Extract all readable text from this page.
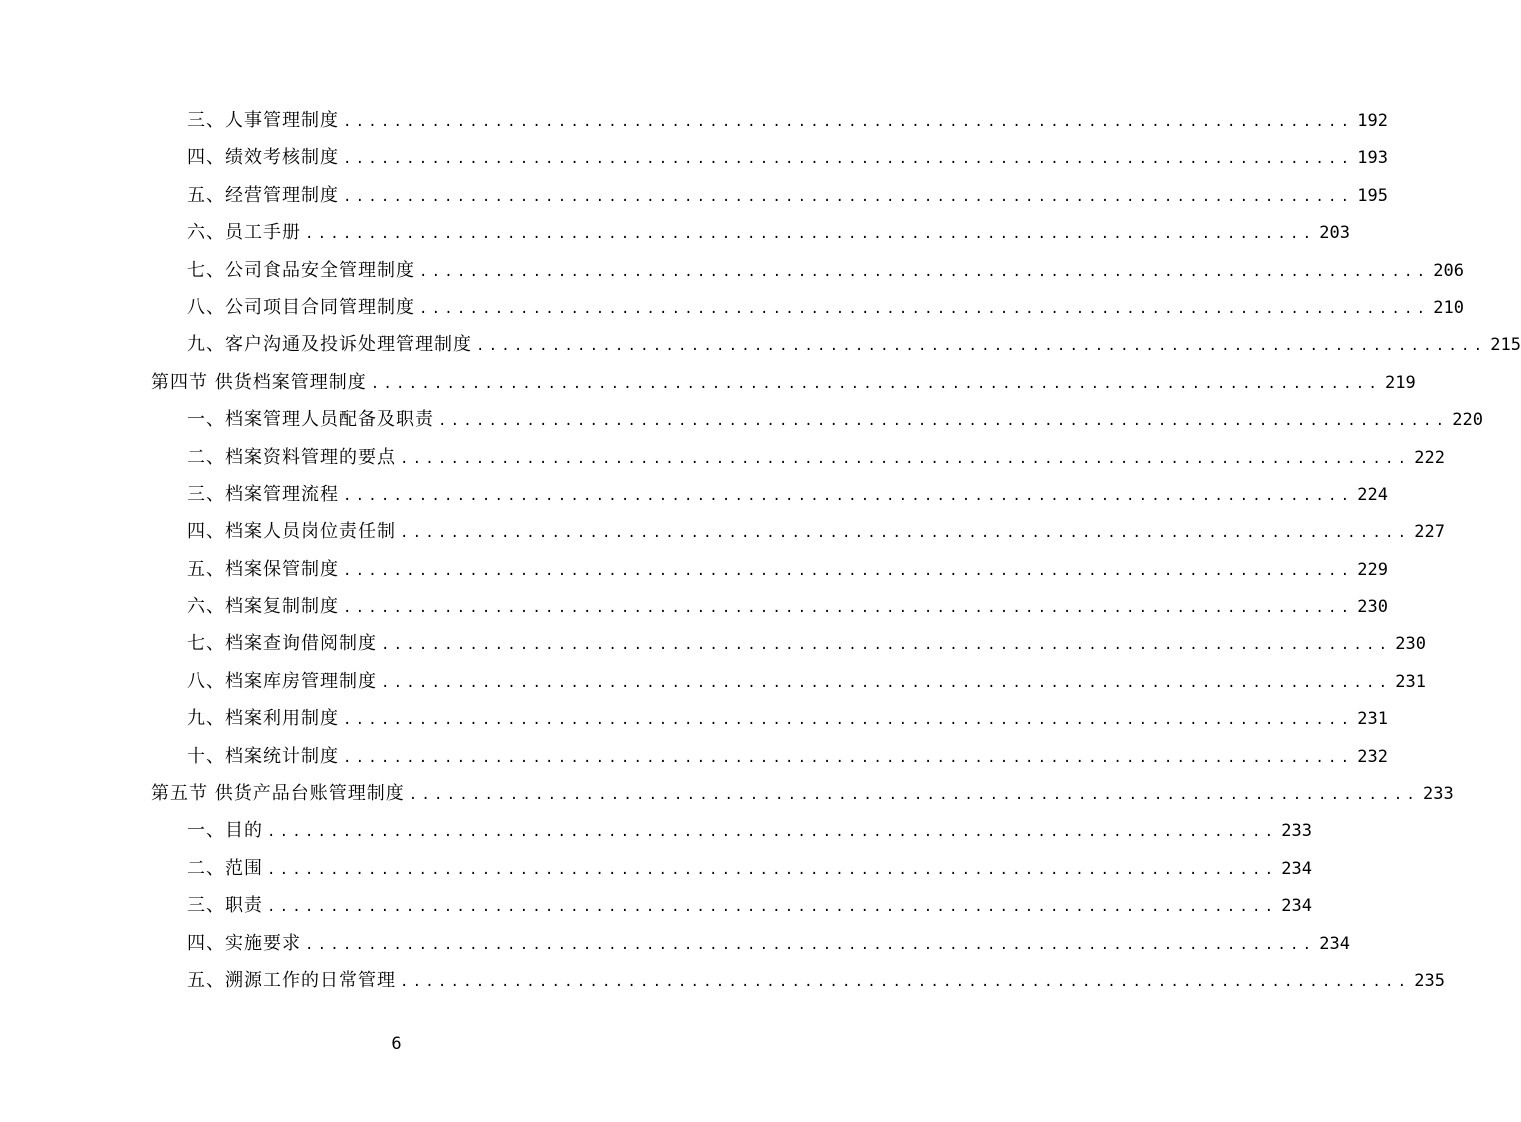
三、人事管理制度 ................................................................................ 192
四、绩效考核制度 ................................................................................ 193
五、经营管理制度 ................................................................................ 195
六、员工手册 ................................................................................ 203
七、公司食品安全管理制度 ................................................................................ 206
八、公司项目合同管理制度 ................................................................................ 210
九、客户沟通及投诉处理管理制度 ................................................................................ 215
第四节 供货档案管理制度 ................................................................................ 219
一、档案管理人员配备及职责 ................................................................................ 220
二、档案资料管理的要点 ................................................................................ 222
三、档案管理流程 ................................................................................ 224
四、档案人员岗位责任制 ................................................................................ 227
五、档案保管制度 ................................................................................ 229
六、档案复制制度 ................................................................................ 230
七、档案查询借阅制度 ................................................................................ 230
八、档案库房管理制度 ................................................................................ 231
九、档案利用制度 ................................................................................ 231
十、档案统计制度 ................................................................................ 232
第五节 供货产品台账管理制度 ................................................................................ 233
一、目的 ................................................................................ 233
二、范围 ................................................................................ 234
三、职责 ................................................................................ 234
四、实施要求 ................................................................................ 234
五、溯源工作的日常管理 ................................................................................ 235
6
